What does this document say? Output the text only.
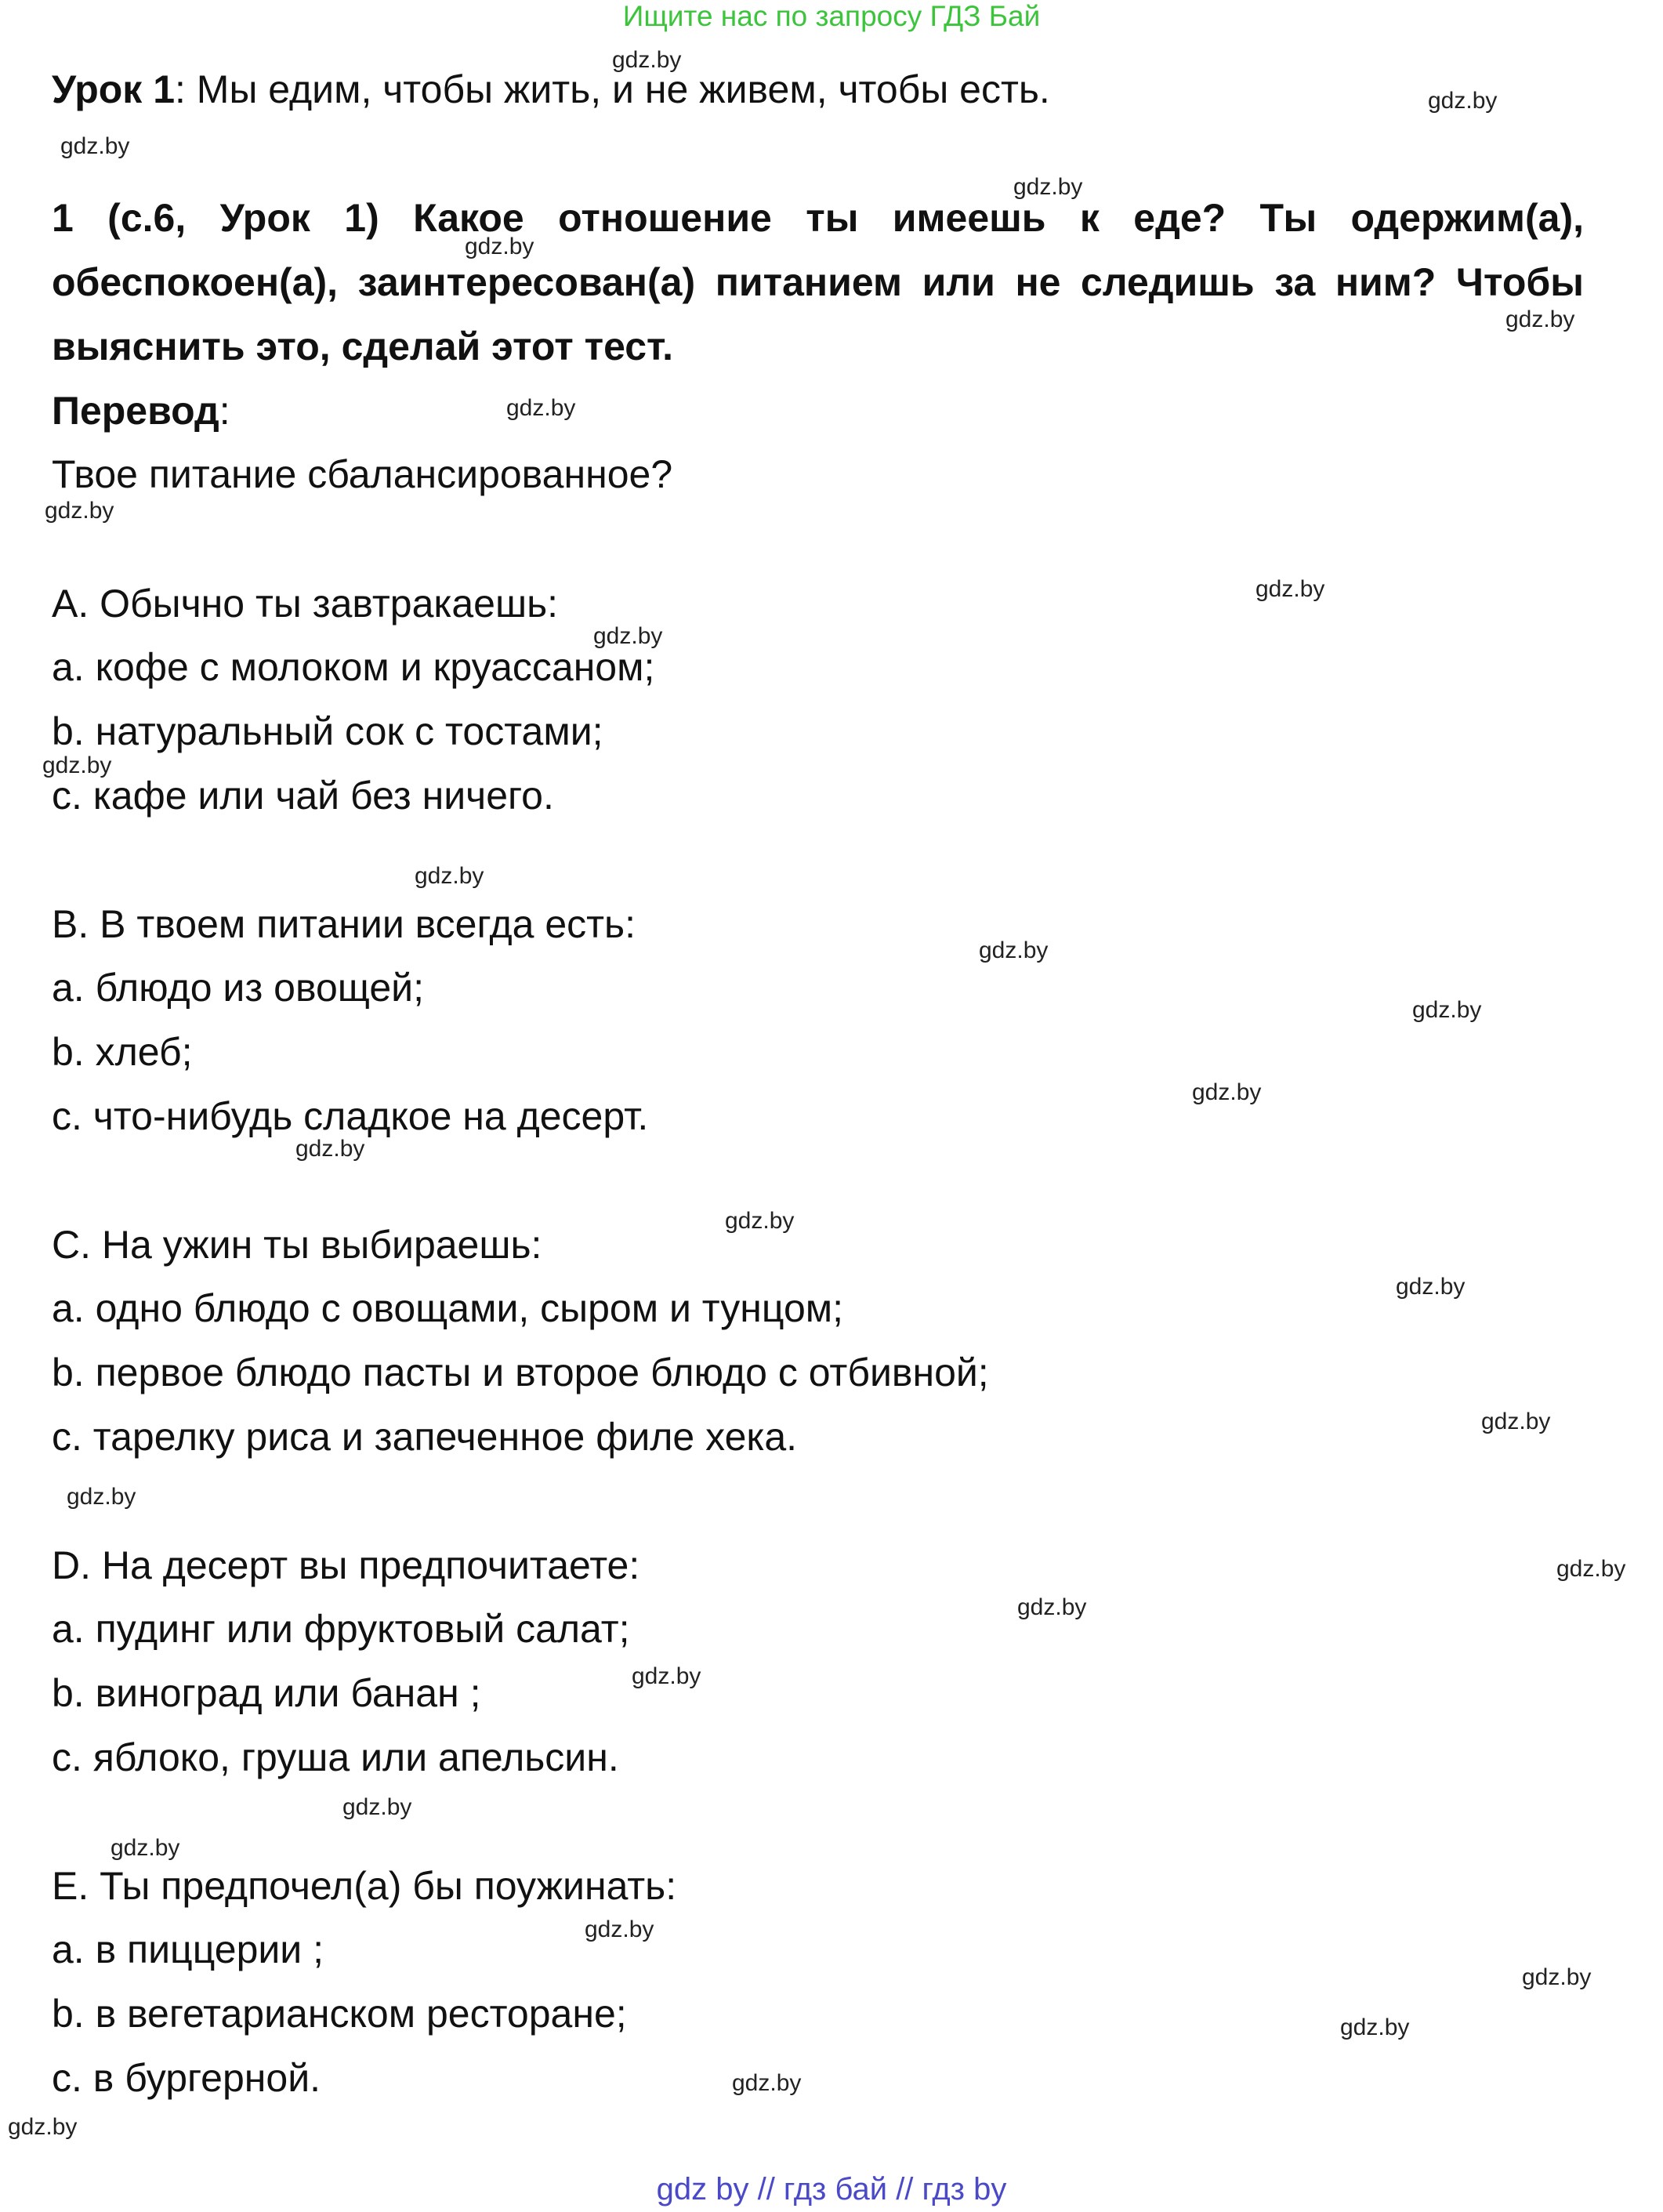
Ищите нас по запросу ГДЗ Бай
Урок 1: Мы едим, чтобы жить, и не живем, чтобы есть.
1 (с.6, Урок 1) Какое отношение ты имеешь к еде? Ты одержим(а), обеспокоен(а), заинтересован(а) питанием или не следишь за ним? Чтобы выяснить это, сделай этот тест.
Перевод:
Твое питание сбалансированное?
A. Обычно ты завтракаешь:
a. кофе с молоком и круассаном;
b. натуральный сок с тостами;
c. кафе или чай без ничего.
B. В твоем питании всегда есть:
a. блюдо из овощей;
b. хлеб;
c. что-нибудь сладкое на десерт.
C. На ужин ты выбираешь:
a. одно блюдо с овощами, сыром и тунцом;
b. первое блюдо пасты и второе блюдо с отбивной;
c. тарелку риса и запеченное филе хека.
D. На десерт вы предпочитаете:
a. пудинг или фруктовый салат;
b. виноград или банан ;
c. яблоко, груша или апельсин.
E. Ты предпочел(а) бы поужинать:
a. в пиццерии ;
b. в вегетарианском ресторане;
c. в бургерной.
gdz.by
gdz.by
gdz.by
gdz.by
gdz.by
gdz.by
gdz.by
gdz.by
gdz.by
gdz.by
gdz.by
gdz.by
gdz.by
gdz.by
gdz.by
gdz.by
gdz.by
gdz.by
gdz.by
gdz.by
gdz.by
gdz.by
gdz.by
gdz.by
gdz.by
gdz.by
gdz.by
gdz.by
gdz.by
gdz.by
gdz by // гдз бай // гдз by
